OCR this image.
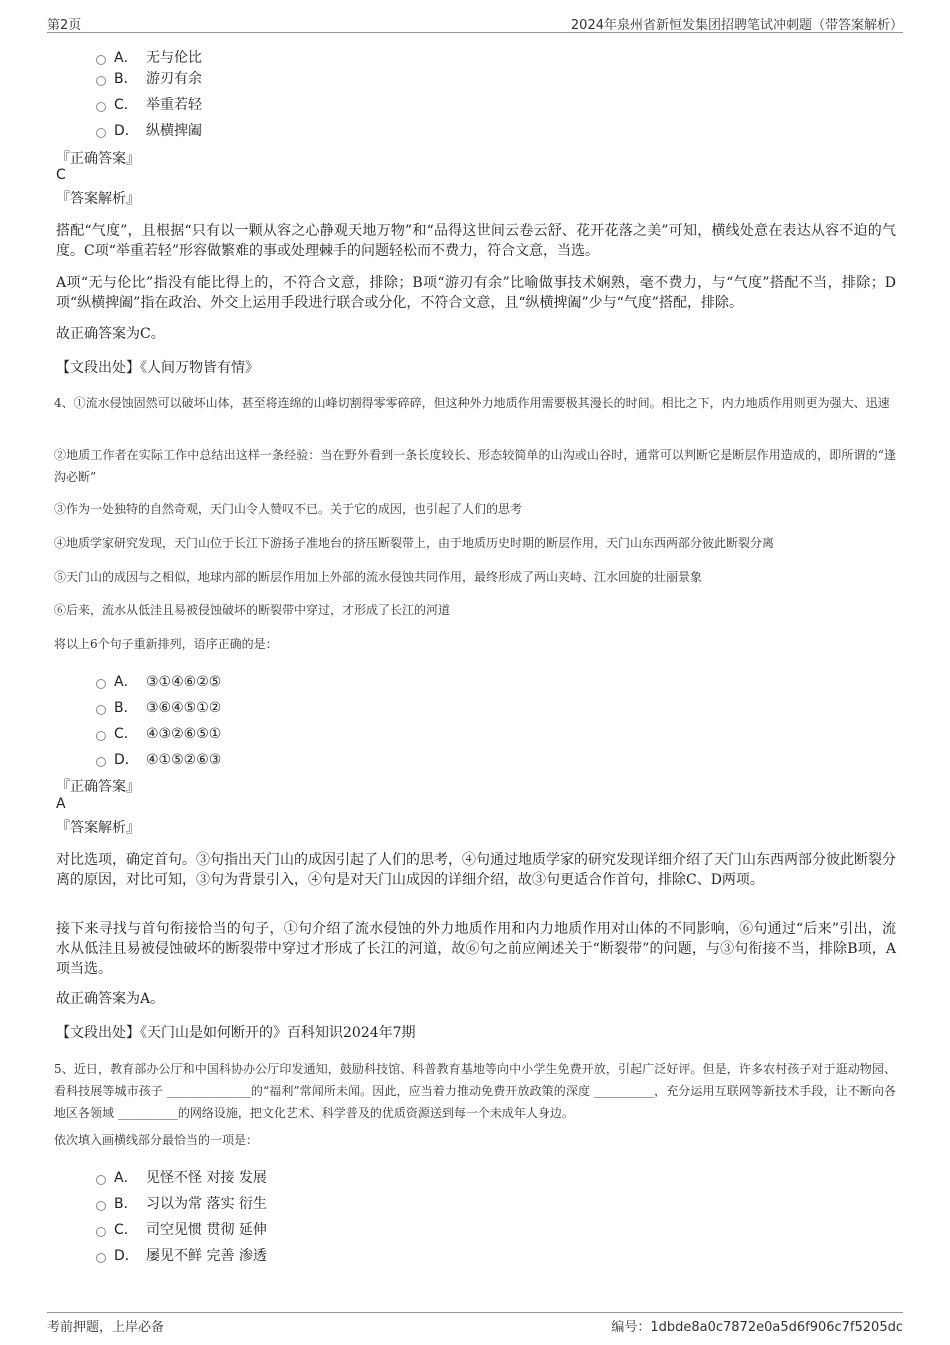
第2页	2024年泉州省新恒发集团招聘笔试冲刺题（带答案解析）
A． 无与伦比
B． 游刃有余
C． 举重若轻
D． 纵横捭阖
『正确答案』
C
『答案解析』
搭配“气度”，且根据“只有以一颗从容之心静观天地万物”和“品得这世间云卷云舒、花开花落之美”可知，横线处意在表达从容不迫的气度。C项“举重若轻”形容做繁难的事或处理棘手的问题轻松而不费力，符合文意，当选。
A项“无与伦比”指没有能比得上的，不符合文意，排除；B项“游刃有余”比喻做事技术娴熟，毫不费力，与“气度”搭配不当，排除；D项“纵横捭阖”指在政治、外交上运用手段进行联合或分化，不符合文意，且“纵横捭阖”少与“气度”搭配，排除。
故正确答案为C。
【文段出处】《人间万物皆有情》
4、①流水侵蚀固然可以破坏山体，甚至将连绵的山峰切割得零零碎碎，但这种外力地质作用需要极其漫长的时间。相比之下，内力地质作用则更为强大、迅速
②地质工作者在实际工作中总结出这样一条经验：当在野外看到一条长度较长、形态较简单的山沟或山谷时，通常可以判断它是断层作用造成的，即所谓的“逢沟必断”
③作为一处独特的自然奇观，天门山令人赞叹不已。关于它的成因，也引起了人们的思考
④地质学家研究发现，天门山位于长江下游扬子准地台的挤压断裂带上，由于地质历史时期的断层作用，天门山东西两部分彼此断裂分离
⑤天门山的成因与之相似，地球内部的断层作用加上外部的流水侵蚀共同作用，最终形成了两山夹峙、江水回旋的壮丽景象
⑥后来，流水从低洼且易被侵蚀破坏的断裂带中穿过，才形成了长江的河道
将以上6个句子重新排列，语序正确的是：
A． ③①④⑥②⑤
B． ③⑥④⑤①②
C． ④③②⑥⑤①
D． ④①⑤②⑥③
『正确答案』
A
『答案解析』
对比选项，确定首句。③句指出天门山的成因引起了人们的思考，④句通过地质学家的研究发现详细介绍了天门山东西两部分彼此断裂分离的原因，对比可知，③句为背景引入，④句是对天门山成因的详细介绍，故③句更适合作首句，排除C、D两项。
接下来寻找与首句衔接恰当的句子，①句介绍了流水侵蚀的外力地质作用和内力地质作用对山体的不同影响，⑥句通过“后来”引出，流水从低洼且易被侵蚀破坏的断裂带中穿过才形成了长江的河道，故⑥句之前应阐述关于“断裂带”的问题，与③句衔接不当，排除B项，A项当选。
故正确答案为A。
【文段出处】《天门山是如何断开的》百科知识2024年7期
5、近日，教育部办公厅和中国科协办公厅印发通知，鼓励科技馆、科普教育基地等向中小学生免费开放，引起广泛好评。但是，许多农村孩子对于逛动物园、看科技展等城市孩子 ______________的“福利”常闻所未闻。因此，应当着力推动免费开放政策的深度 __________，充分运用互联网等新技术手段，让不断向各地区各领域 __________的网络设施，把文化艺术、科学普及的优质资源送到每一个未成年人身边。
依次填入画横线部分最恰当的一项是：
A． 见怪不怪 对接 发展
B． 习以为常 落实 衍生
C． 司空见惯 贯彻 延伸
D． 屡见不鲜 完善 渗透
考前押题，上岸必备	编号：1dbde8a0c7872e0a5d6f906c7f5205dc
